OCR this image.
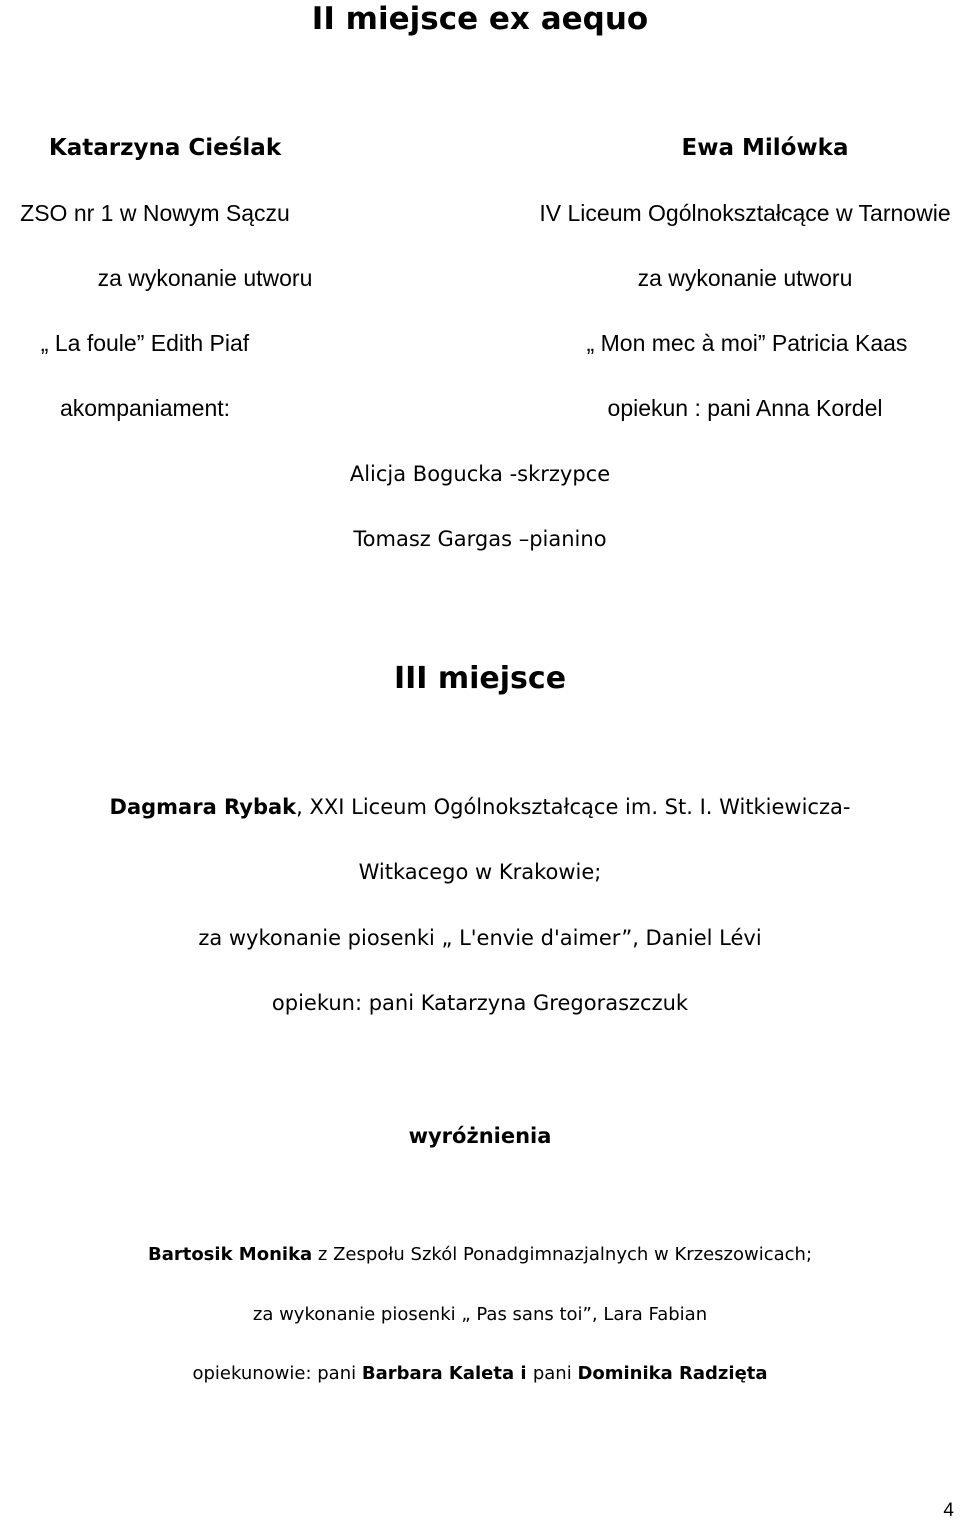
II miejsce ex aequo
Katarzyna Cieślak
ZSO nr 1 w Nowym Sączu
za wykonanie utworu
„ La foule” Edith Piaf
akompaniament:
Ewa Milówka
IV Liceum Ogólnokształcące w Tarnowie
za wykonanie utworu
„ Mon mec à moi” Patricia Kaas
opiekun : pani Anna Kordel
Alicja Bogucka -skrzypce
Tomasz Gargas –pianino
III miejsce
Dagmara Rybak, XXI Liceum Ogólnokształcące im. St. I. Witkiewicza-
Witkacego w Krakowie;
za wykonanie piosenki „ L'envie d'aimer”, Daniel Lévi
opiekun: pani Katarzyna Gregoraszczuk
wyróżnienia
Bartosik Monika z Zespołu Szkól Ponadgimnazjalnych w Krzeszowicach;
za wykonanie piosenki „ Pas sans toi”, Lara Fabian
opiekunowie: pani Barbara Kaleta i pani Dominika Radzięta
4
